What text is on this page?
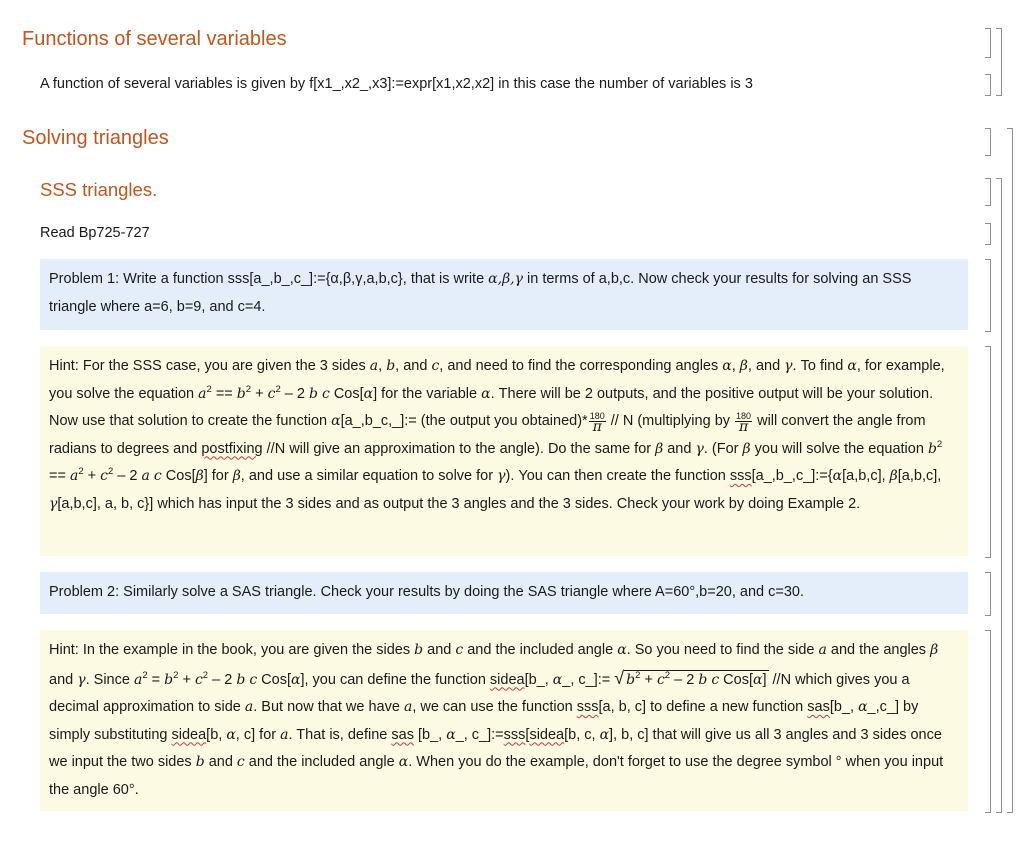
Functions of several variables

A function of several variables is given by f[x1_,x2_,x3]:=expr[x1,x2,x2] in this case the number of variables is 3

Solving triangles
SSS triangles.

Read Bp725-727

Problem 1: Write a function sss[a_,b_,c_]:={α,β,γ,a,b,c}, that is write α,β,γ in terms of a,b,c. Now check your results for solving an SSS triangle where a=6, b=9, and c=4.
Hint: For the SSS case, you are given the 3 sides a, b, and c, and need to find the corresponding angles α, β, and γ. To find α, for example, you solve the equation $a^2 == b^2 + c^2 - 2$ b c Cos[α] for the variable α. There will be 2 outputs, and the positive output will be your solution. Now use that solution to create the function α[a_,b_c,_]:= (the output you obtained)* $\frac{180}{\pi}$ // N (multiplying by $\frac{180}{\pi}$ will convert the angle from radians to degrees and postfixing //N will give an approximation to the angle). Do the same for β and γ. (For β you will solve the equation $b^2 == a^2 + c^2 - 2$ a c Cos[β] for β, and use a similar equation to solve for γ). You can then create the function sss[a_,b_,c_]:={α[a,b,c], β[a,b,c], γ[a,b,c], a, b, c}] which has input the 3 sides and as output the 3 angles and the 3 sides. Check your work by doing Example 2.
Problem 2: Similarly solve a SAS triangle. Check your results by doing the SAS triangle where A=60°,b=20, and c=30.
Hint: In the example in the book, you are given the sides b and c and the included angle α. So you need to find the side a and the angles β and γ. Since $a^2 = b^2 + c^2 - 2$ b c Cos[α], you can define the function sidea[b_, α_, c_]:= √ $b^2 + c^2 - 2$ b c Cos[α] //N which gives you a decimal approximation to side a. But now that we have a, we can use the function sss[a, b, c] to define a new function sas[b_, α_,c_] by simply substituting sidea[b, α, c] for a. That is, define sas [b_, α_, c_]:=sss[sidea[b, c, α], b, c] that will give us all 3 angles and 3 sides once we input the two sides b and c and the included angle α. When you do the example, don't forget to use the degree symbol ° when you input the angle 60°.
